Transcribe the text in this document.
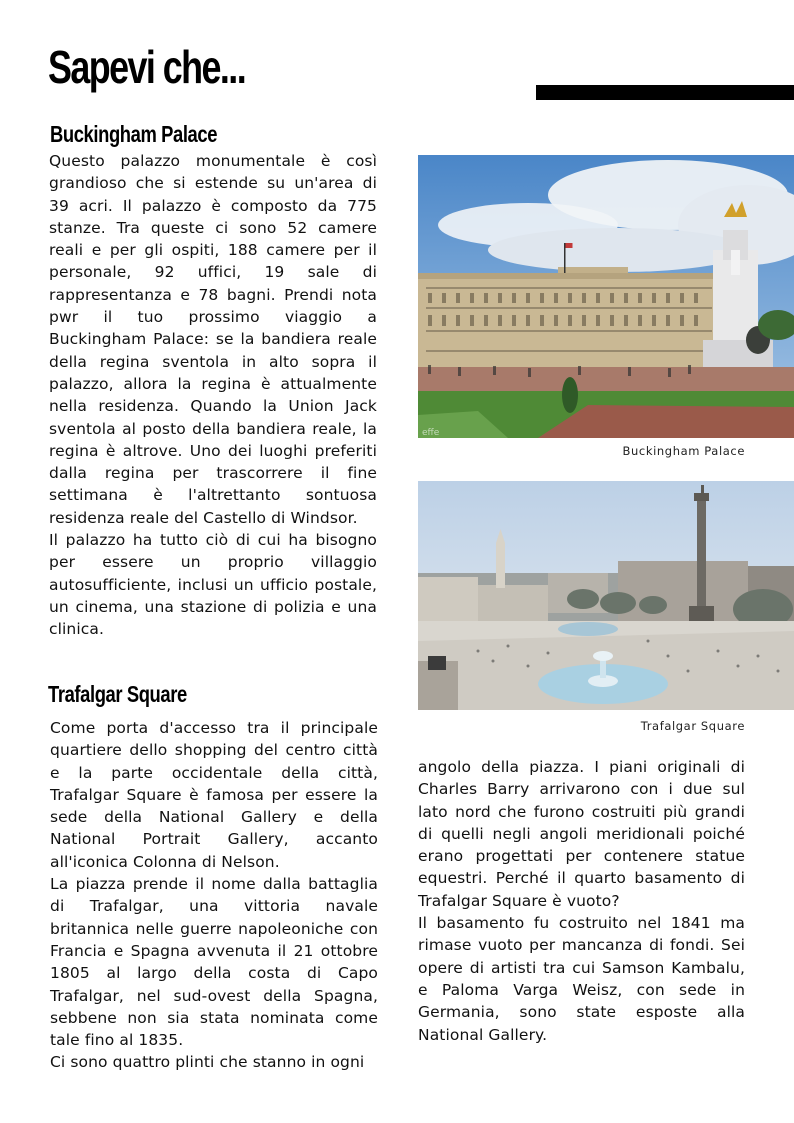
Sapevi che...
Buckingham Palace

Questo palazzo monumentale è così grandioso che si estende su un'area di 39 acri. Il palazzo è composto da 775 stanze. Tra queste ci sono 52 camere reali e per gli ospiti, 188 camere per il personale, 92 uffici, 19 sale di rappresentanza e 78 bagni. Prendi nota pwr il tuo prossimo viaggio a Buckingham Palace: se la bandiera reale della regina sventola in alto sopra il palazzo, allora la regina è attualmente nella residenza. Quando la Union Jack sventola al posto della bandiera reale, la regina è altrove. Uno dei luoghi preferiti dalla regina per trascorrere il fine settimana è l'altrettanto sontuosa residenza reale del Castello di Windsor.

Il palazzo ha tutto ciò di cui ha bisogno per essere un proprio villaggio autosufficiente, inclusi un ufficio postale, un cinema, una stazione di polizia e una clinica.

effe
Buckingham Palace
Trafalgar Square
Trafalgar Square

Come porta d'accesso tra il principale quartiere dello shopping del centro città e la parte occidentale della città, Trafalgar Square è famosa per essere la sede della National Gallery e della National Portrait Gallery, accanto all'iconica Colonna di Nelson.

La piazza prende il nome dalla battaglia di Trafalgar, una vittoria navale britannica nelle guerre napoleoniche con Francia e Spagna avvenuta il 21 ottobre 1805 al largo della costa di Capo Trafalgar, nel sud-ovest della Spagna, sebbene non sia stata nominata come tale fino al 1835.

Ci sono quattro plinti che stanno in ogni

angolo della piazza. I piani originali di Charles Barry arrivarono con i due sul lato nord che furono costruiti più grandi di quelli negli angoli meridionali poiché erano progettati per contenere statue equestri. Perché il quarto basamento di Trafalgar Square è vuoto?

Il basamento fu costruito nel 1841 ma rimase vuoto per mancanza di fondi. Sei opere di artisti tra cui Samson Kambalu, e Paloma Varga Weisz, con sede in Germania, sono state esposte alla National Gallery.
